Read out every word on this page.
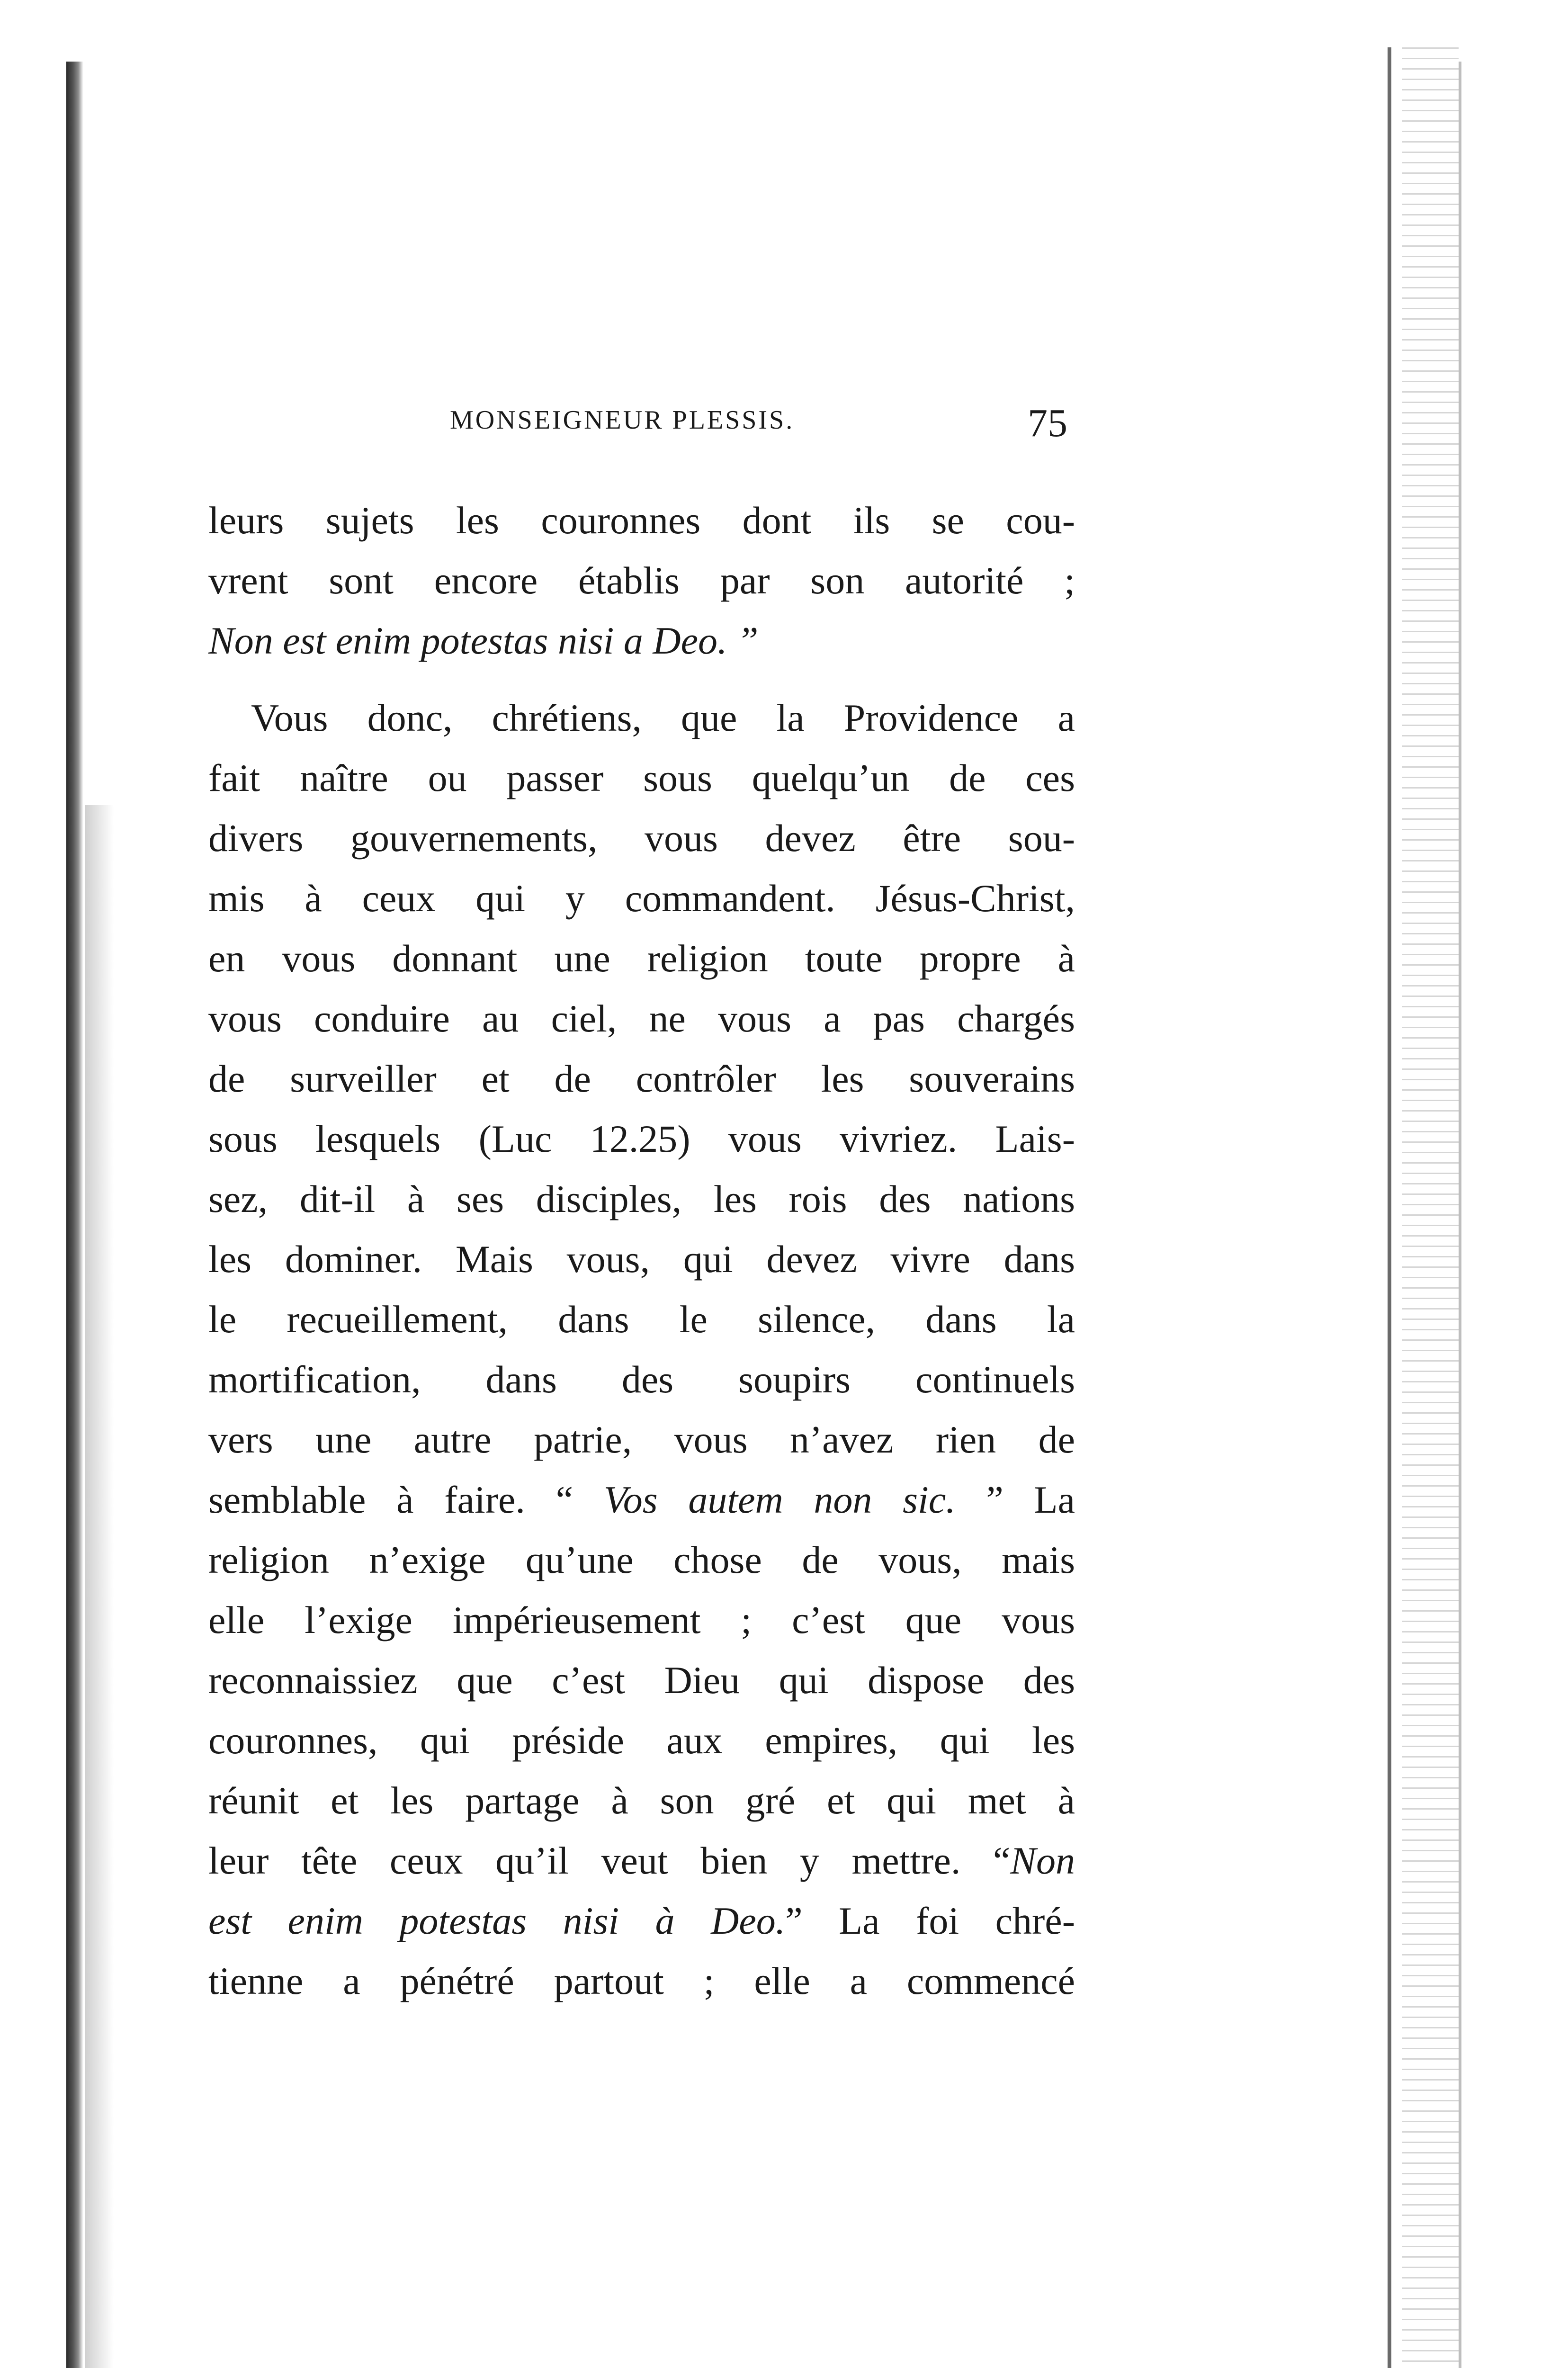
MONSEIGNEUR PLESSIS.	75
leurs sujets les couronnes dont ils se cou-
vrent sont encore établis par son autorité ;
Non est enim potestas nisi a Deo. ”
Vous donc, chrétiens, que la Providence a
fait naître ou passer sous quelqu’un de ces
divers gouvernements, vous devez être sou-
mis à ceux qui y commandent. Jésus-Christ,
en vous donnant une religion toute propre à
vous conduire au ciel, ne vous a pas chargés
de surveiller et de contrôler les souverains
sous lesquels (Luc 12.25) vous vivriez. Lais-
sez, dit-il à ses disciples, les rois des nations
les dominer. Mais vous, qui devez vivre dans
le recueillement, dans le silence, dans la
mortification, dans des soupirs continuels
vers une autre patrie, vous n’avez rien de
semblable à faire. “ Vos autem non sic. ” La
religion n’exige qu’une chose de vous, mais
elle l’exige impérieusement ; c’est que vous
reconnaissiez que c’est Dieu qui dispose des
couronnes, qui préside aux empires, qui les
réunit et les partage à son gré et qui met à
leur tête ceux qu’il veut bien y mettre. “Non
est enim potestas nisi à Deo.” La foi chré-
tienne a pénétré partout ; elle a commencé
